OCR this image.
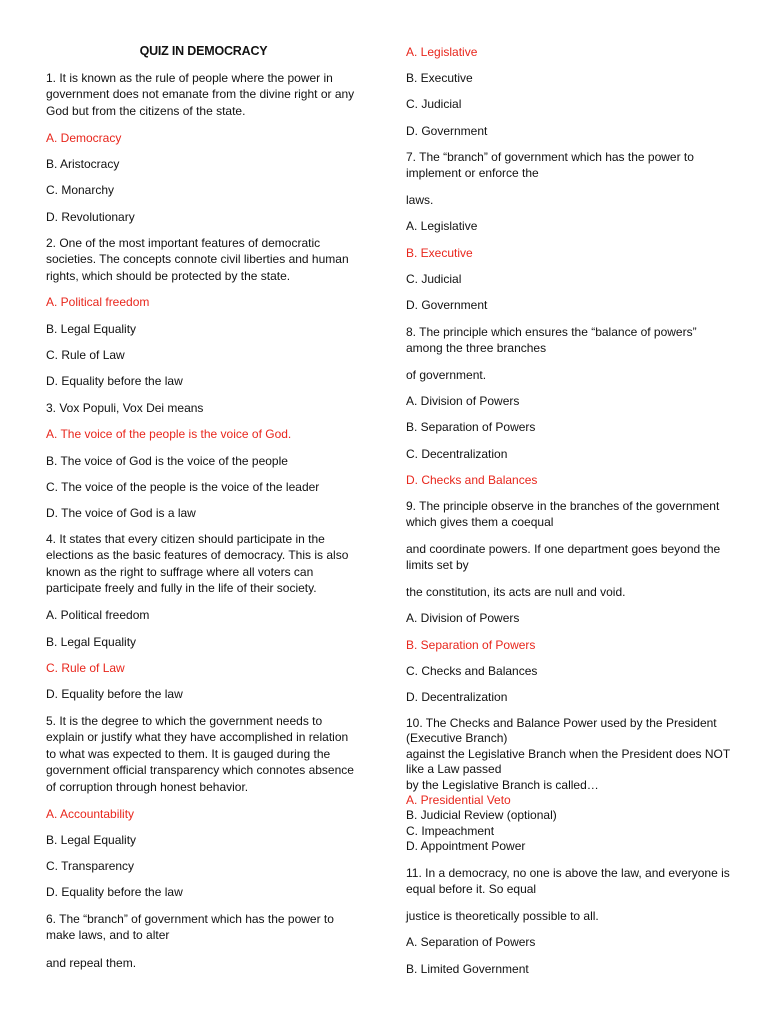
QUIZ IN DEMOCRACY

1. It is known as the rule of people where the power in government does not emanate from the divine right or any God but from the citizens of the state.

A. Democracy

B. Aristocracy

C. Monarchy

D. Revolutionary

2. One of the most important features of democratic societies. The concepts connote civil liberties and human rights, which should be protected by the state.

A. Political freedom

B. Legal Equality

C. Rule of Law

D. Equality before the law

3. Vox Populi, Vox Dei means

A. The voice of the people is the voice of God.

B. The voice of God is the voice of the people

C. The voice of the people is the voice of the leader

D. The voice of God is a law

4. It states that every citizen should participate in the elections as the basic features of democracy. This is also known as the right to suffrage where all voters can participate freely and fully in the life of their society.

A. Political freedom

B. Legal Equality

C. Rule of Law

D. Equality before the law

5. It is the degree to which the government needs to explain or justify what they have accomplished in relation to what was expected to them. It is gauged during the government official transparency which connotes absence of corruption through honest behavior.

A. Accountability

B. Legal Equality

C. Transparency

D. Equality before the law

6. The “branch” of government which has the power to make laws, and to alter

and repeal them.

A. Legislative

B. Executive

C. Judicial

D. Government

7. The “branch” of government which has the power to implement or enforce the

laws.

A. Legislative

B. Executive

C. Judicial

D. Government

8. The principle which ensures the “balance of powers” among the three branches

of government.

A. Division of Powers

B. Separation of Powers

C. Decentralization

D. Checks and Balances

9. The principle observe in the branches of the government which gives them a coequal

and coordinate powers. If one department goes beyond the limits set by

the constitution, its acts are null and void.

A. Division of Powers

B. Separation of Powers

C. Checks and Balances

D. Decentralization

10. The Checks and Balance Power used by the President (Executive Branch)

against the Legislative Branch when the President does NOT like a Law passed

by the Legislative Branch is called…

A. Presidential Veto

B. Judicial Review (optional)

C. Impeachment

D. Appointment Power

11. In a democracy, no one is above the law, and everyone is equal before it. So equal

justice is theoretically possible to all.

A. Separation of Powers

B. Limited Government
